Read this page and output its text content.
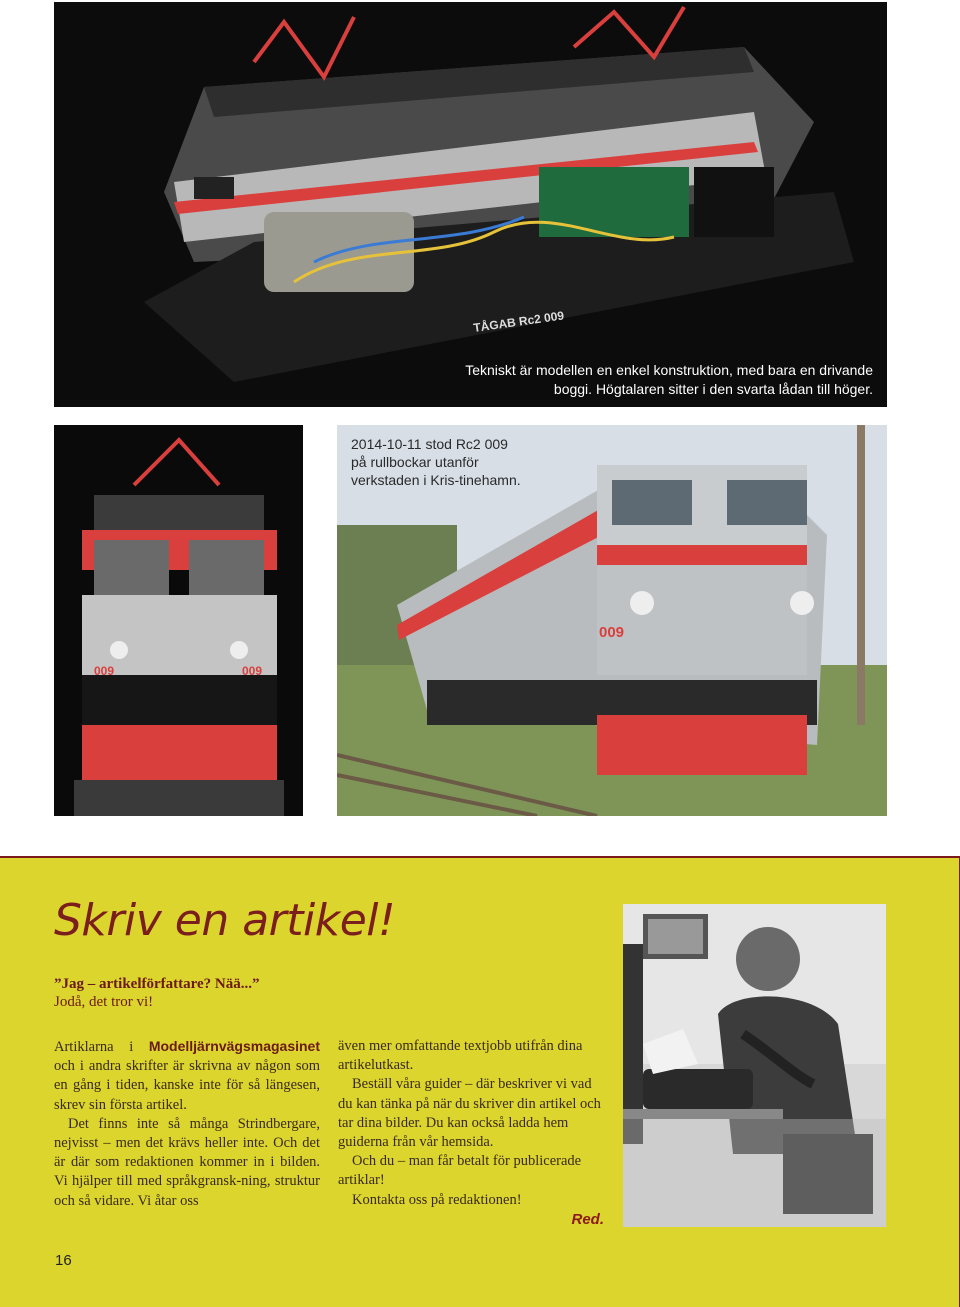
TÅGAB Rc2 009
Tekniskt är modellen en enkel konstruktion, med bara en drivande boggi. Högtalaren sitter i den svarta lådan till höger.
009	009
009
2014-10-11 stod Rc2 009 på rullbockar utanför verkstaden i Kris-tinehamn.
Skriv en artikel!
”Jag – artikelförfattare? Nää...”
Jodå, det tror vi!

Artiklarna i Modelljärnvägsmagasinet och i andra skrifter är skrivna av någon som en gång i tiden, kanske inte för så längesen, skrev sin första artikel.

Det finns inte så många Strindbergare, nejvisst – men det krävs heller inte. Och det är där som redaktionen kommer in i bilden. Vi hjälper till med språkgransk-ning, struktur och så vidare. Vi åtar oss

även mer omfattande textjobb utifrån dina artikelutkast.

Beställ våra guider – där beskriver vi vad du kan tänka på när du skriver din artikel och tar dina bilder. Du kan också ladda hem guiderna från vår hemsida.

Och du – man får betalt för publicerade artiklar!

Kontakta oss på redaktionen!

Red.
16
